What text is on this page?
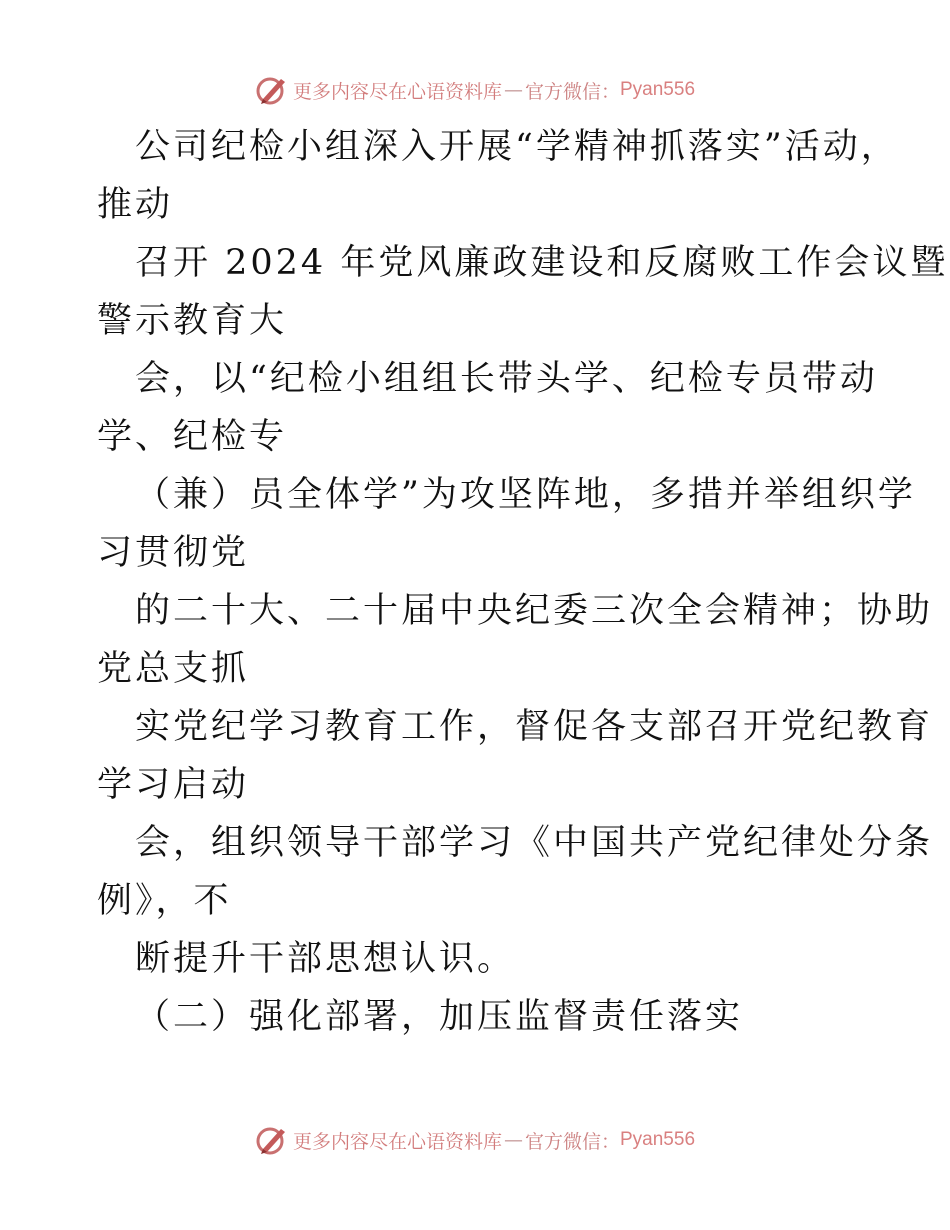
更多内容尽在心语资料库 — 官方微信： Pyan556
公司纪检小组深入开展“学精神抓落实”活动，
推动
召开 2024 年党风廉政建设和反腐败工作会议暨
警示教育大
会，以“纪检小组组长带头学、纪检专员带动
学、纪检专
（兼）员全体学”为攻坚阵地，多措并举组织学
习贯彻党
的二十大、二十届中央纪委三次全会精神；协助
党总支抓
实党纪学习教育工作，督促各支部召开党纪教育
学习启动
会，组织领导干部学习《中国共产党纪律处分条
例》，不
断提升干部思想认识。
（二）强化部署，加压监督责任落实
更多内容尽在心语资料库 — 官方微信： Pyan556
